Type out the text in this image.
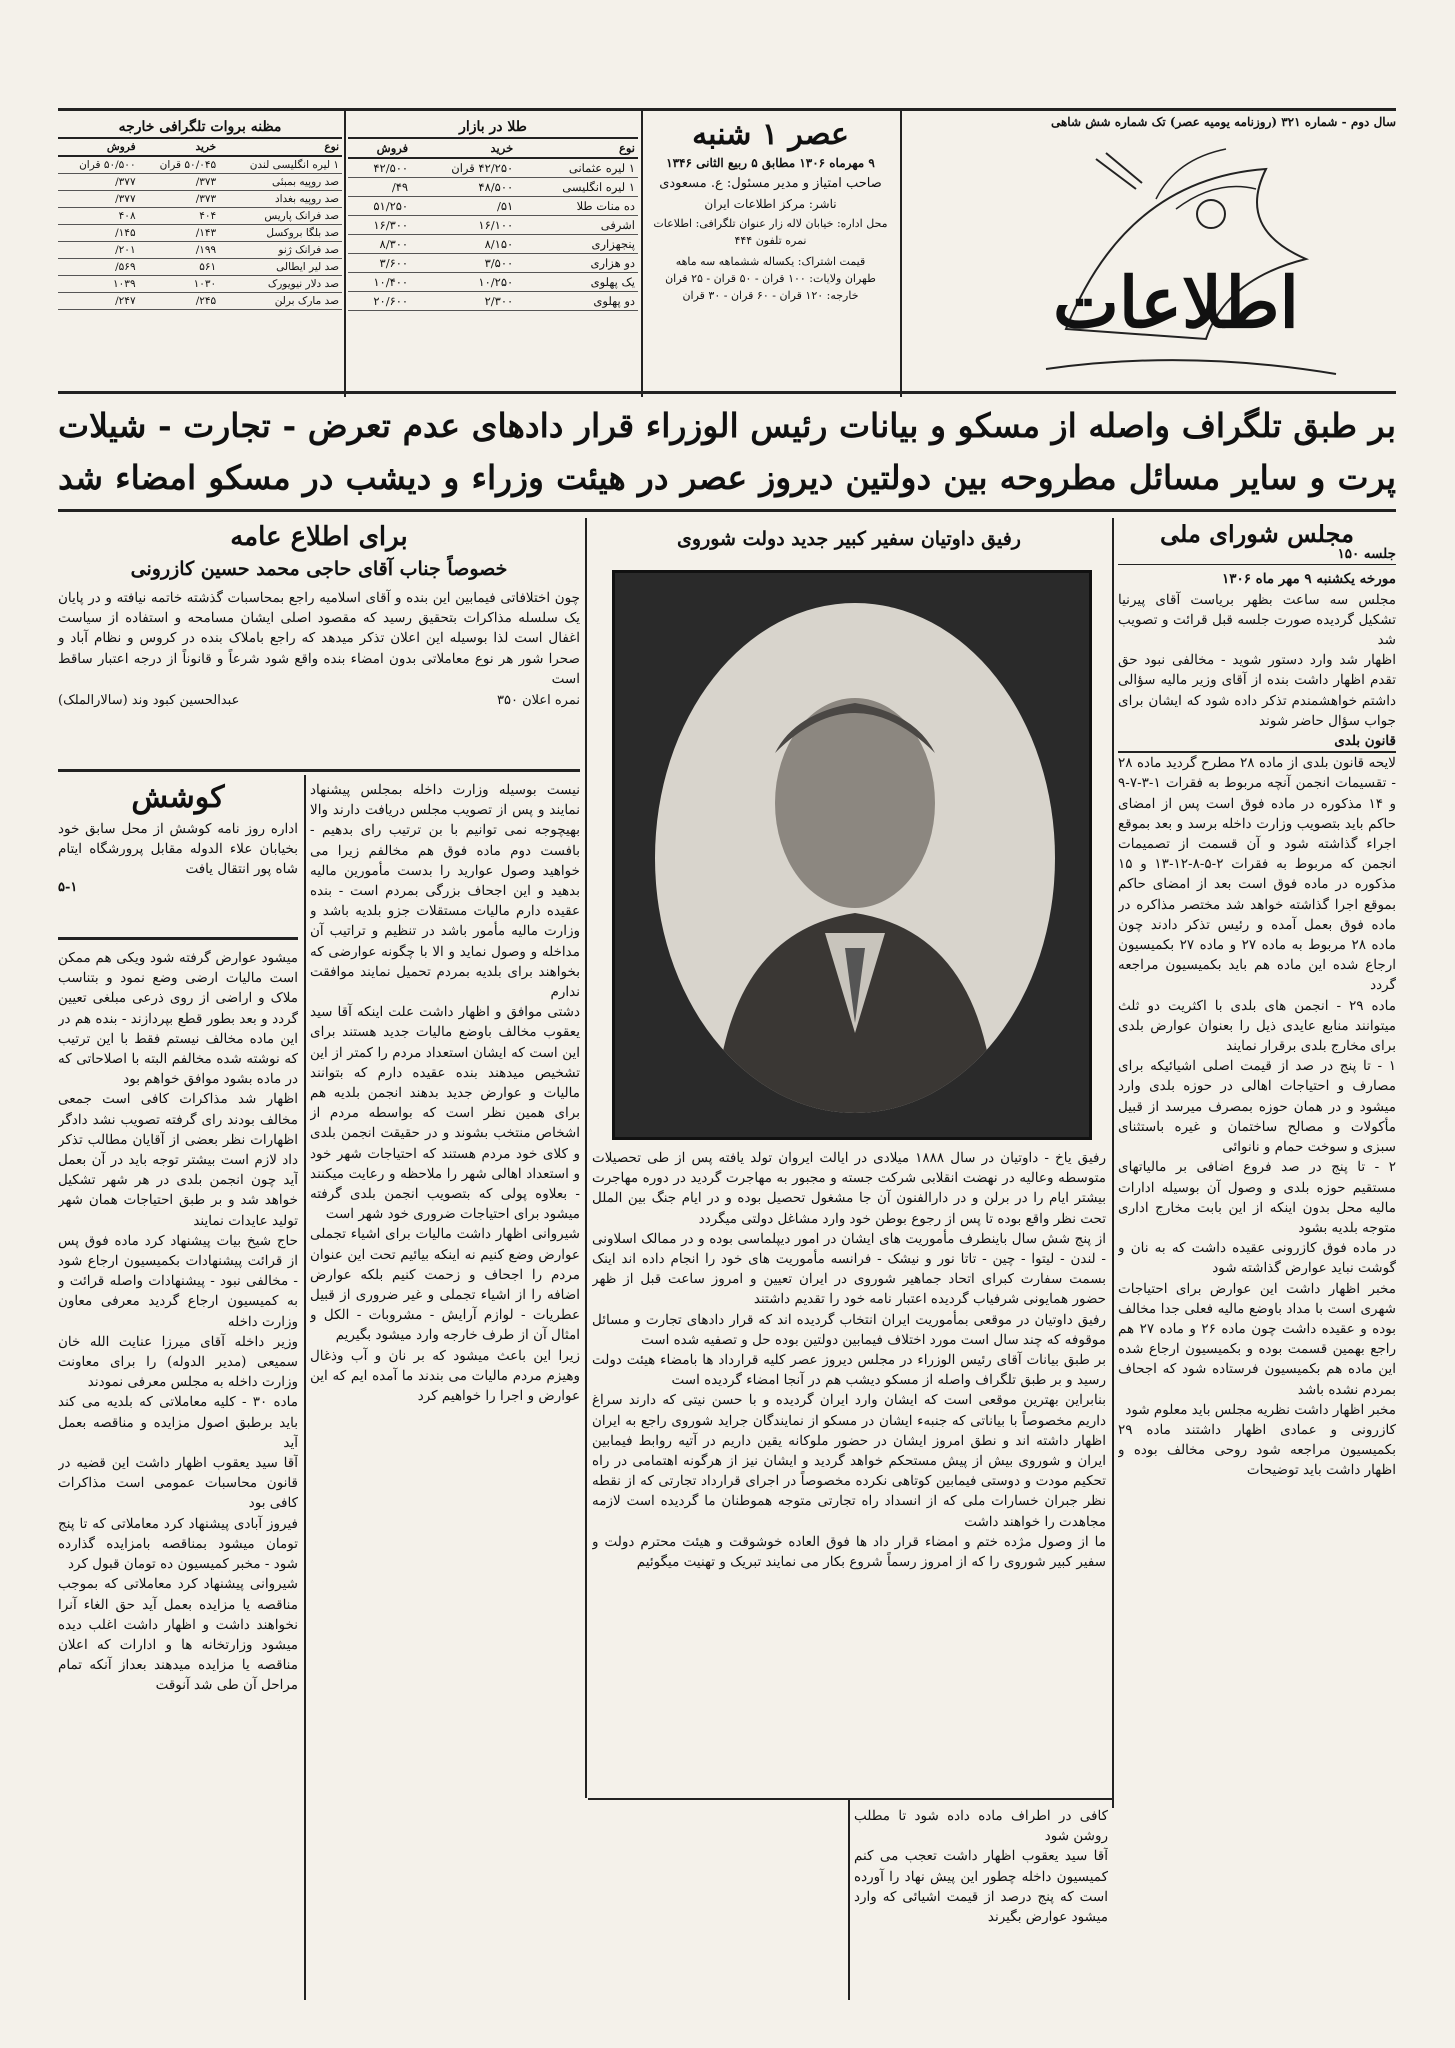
سال دوم - شماره ۳۲۱ (روزنامه یومیه عصر) تک شماره شش شاهی
اطلاعات
عصر ۱ شنبه
۹ مهرماه ۱۳۰۶ مطابق ۵ ربیع الثانی ۱۳۴۶
صاحب امتیاز و مدیر مسئول: ع. مسعودی
ناشر: مرکز اطلاعات ایران
محل اداره: خیابان لاله زار عنوان تلگرافی: اطلاعات
نمره تلفون ۴۴۴
قیمت اشتراک: یکساله ششماهه سه ماهه
طهران ولایات: ۱۰۰ قران - ۵۰ قران - ۲۵ قران
خارجه: ۱۲۰ قران - ۶۰ قران - ۳۰ قران
طلا در بازار
نوع	خرید	فروش
۱ لیره عثمانی	۴۲/۲۵۰ قران	۴۲/۵۰۰
۱ لیره انگلیسی	۴۸/۵۰۰	۴۹/
ده منات طلا	۵۱/	۵۱/۲۵۰
اشرفی	۱۶/۱۰۰	۱۶/۳۰۰
پنجهزاری	۸/۱۵۰	۸/۳۰۰
دو هزاری	۳/۵۰۰	۳/۶۰۰
یک پهلوی	۱۰/۲۵۰	۱۰/۴۰۰
دو پهلوی	۲/۳۰۰	۲۰/۶۰۰
مظنه بروات تلگرافی خارجه
نوع	خرید	فروش
۱ لیره انگلیسی لندن	۵۰/۰۴۵ قران	۵۰/۵۰۰ قران
صد روپیه بمبئی	۳۷۳/	۳۷۷/
صد روپیه بغداد	۳۷۳/	۳۷۷/
صد فرانک پاریس	۴۰۴	۴۰۸
صد بلگا بروکسل	۱۴۳/	۱۴۵/
صد فرانک ژنو	۱۹۹/	۲۰۱/
صد لیر ایطالی	۵۶۱	۵۶۹/
صد دلار نیویورک	۱۰۳۰	۱۰۳۹
صد مارک برلن	۲۴۵/	۲۴۷/
بر طبق تلگراف واصله از مسکو و بیانات رئیس الوزراء قرار دادهای عدم تعرض - تجارت - شیلات
پرت و سایر مسائل مطروحه بین دولتین دیروز عصر در هیئت وزراء و دیشب در مسکو امضاء شد
مجلس شورای ملی
جلسه ۱۵۰

مورخه یکشنبه ۹ مهر ماه ۱۳۰۶

مجلس سه ساعت بظهر بریاست آقای پیرنیا تشکیل گردیده صورت جلسه قبل قرائت و تصویب شد

اظهار شد وارد دستور شوید - مخالفی نبود حق تقدم اظهار داشت بنده از آقای وزیر مالیه سؤالی داشتم خواهشمندم تذکر داده شود که ایشان برای جواب سؤال حاضر شوند

قانون بلدی

لایحه قانون بلدی از ماده ۲۸ مطرح گردید ماده ۲۸ - تقسیمات انجمن آنچه مربوط به فقرات ۱-۳-۷-۹ و ۱۴ مذکوره در ماده فوق است پس از امضای حاکم باید بتصویب وزارت داخله برسد و بعد بموقع اجراء گذاشته شود و آن قسمت از تصمیمات انجمن که مربوط به فقرات ۲-۵-۸-۱۲-۱۳ و ۱۵ مذکوره در ماده فوق است بعد از امضای حاکم بموقع اجرا گذاشته خواهد شد مختصر مذاکره در ماده فوق بعمل آمده و رئیس تذکر دادند چون ماده ۲۸ مربوط به ماده ۲۷ و ماده ۲۷ بکمیسیون ارجاع شده این ماده هم باید بکمیسیون مراجعه گردد

ماده ۲۹ - انجمن های بلدی با اکثریت دو ثلث میتوانند منابع عایدی ذیل را بعنوان عوارض بلدی برای مخارج بلدی برقرار نمایند

۱ - تا پنج در صد از قیمت اصلی اشیائیکه برای مصارف و احتیاجات اهالی در حوزه بلدی وارد میشود و در همان حوزه بمصرف میرسد از قبیل مأکولات و مصالح ساختمان و غیره باستثنای سبزی و سوخت حمام و نانوائی

۲ - تا پنج در صد فروع اضافی بر مالیاتهای مستقیم حوزه بلدی و وصول آن بوسیله ادارات مالیه محل بدون اینکه از این بابت مخارج اداری متوجه بلدیه بشود

در ماده فوق کازرونی عقیده داشت که به نان و گوشت نباید عوارض گذاشته شود

مخبر اظهار داشت این عوارض برای احتیاجات شهری است با مداد باوضع مالیه فعلی جدا مخالف بوده و عقیده داشت چون ماده ۲۶ و ماده ۲۷ هم راجع بهمین قسمت بوده و بکمیسیون ارجاع شده این ماده هم بکمیسیون فرستاده شود که اجحاف بمردم نشده باشد

مخبر اظهار داشت نظریه مجلس باید معلوم شود

کازرونی و عمادی اظهار داشتند ماده ۲۹ بکمیسیون مراجعه شود روحی مخالف بوده و اظهار داشت باید توضیحات

رفیق داوتیان سفیر کبیر جدید دولت شوروی

رفیق یاخ - داوتیان در سال ۱۸۸۸ میلادی در ایالت ایروان تولد یافته پس از طی تحصیلات متوسطه وعالیه در نهضت انقلابی شرکت جسته و مجبور به مهاجرت گردید در دوره مهاجرت بیشتر ایام را در برلن و در دارالفنون آن جا مشغول تحصیل بوده و در ایام جنگ بین الملل تحت نظر واقع بوده تا پس از رجوع بوطن خود وارد مشاغل دولتی میگردد

از پنج شش سال باینطرف مأموریت های ایشان در امور دیپلماسی بوده و در ممالک اسلاونی - لندن - لیتوا - چین - تاتا نور و نیشک - فرانسه مأموریت های خود را انجام داده اند اینک بسمت سفارت کبرای اتحاد جماهیر شوروی در ایران تعیین و امروز ساعت قبل از ظهر حضور همایونی شرفیاب گردیده اعتبار نامه خود را تقدیم داشتند

رفیق داوتیان در موقعی بمأموریت ایران انتخاب گردیده اند که قرار دادهای تجارت و مسائل موقوفه که چند سال است مورد اختلاف فیمابین دولتین بوده حل و تصفیه شده است

بر طبق بیانات آقای رئیس الوزراء در مجلس دیروز عصر کلیه قرارداد ها بامضاء هیئت دولت رسید و بر طبق تلگراف واصله از مسکو دیشب هم در آنجا امضاء گردیده است

بنابراین بهترین موقعی است که ایشان وارد ایران گردیده و با حسن نیتی که دارند سراغ داریم مخصوصاً با بیاناتی که جنبهء ایشان در مسکو از نمایندگان جراید شوروی راجع به ایران اظهار داشته اند و نطق امروز ایشان در حضور ملوکانه یقین داریم در آتیه روابط فیمابین ایران و شوروی بیش از پیش مستحکم خواهد گردید و ایشان نیز از هرگونه اهتمامی در راه تحکیم مودت و دوستی فیمابین کوتاهی نکرده مخصوصاً در اجرای قرارداد تجارتی که از نقطه نظر جبران خسارات ملی که از انسداد راه تجارتی متوجه هموطنان ما گردیده است لازمه مجاهدت را خواهند داشت

ما از وصول مژده ختم و امضاء قرار داد ها فوق العاده خوشوقت و هیئت محترم دولت و سفیر کبیر شوروی را که از امروز رسماً شروع بکار می نمایند تبریک و تهنیت میگوئیم

کافی در اطراف ماده داده شود تا مطلب روشن شود

آقا سید یعقوب اظهار داشت تعجب می کنم کمیسیون داخله چطور این پیش نهاد را آورده است که پنج درصد از قیمت اشیائی که وارد میشود عوارض بگیرند

برای اطلاع عامه
خصوصاً جناب آقای حاجی محمد حسین کازرونی
چون اختلافاتی فیمابین این بنده و آقای اسلامیه راجع بمحاسبات گذشته خاتمه نیافته و در پایان یک سلسله مذاکرات بتحقیق رسید که مقصود اصلی ایشان مسامحه و استفاده از سیاست اغفال است لذا بوسیله این اعلان تذکر میدهد که راجع باملاک بنده در کروس و نظام آباد و صحرا شور هر نوع معاملاتی بدون امضاء بنده واقع شود شرعاً و قانوناً از درجه اعتبار ساقط است
نمره اعلان ۳۵۰
عبدالحسین کبود وند (سالارالملک)

نیست بوسیله وزارت داخله بمجلس پیشنهاد نمایند و پس از تصویب مجلس دریافت دارند والا بهیچوجه نمی توانیم با بن ترتیب رای بدهیم - بافست دوم ماده فوق هم مخالفم زیرا می خواهید وصول عوارید را بدست مأمورین مالیه بدهید و این اجحاف بزرگی بمردم است - بنده عقیده دارم مالیات مستقلات جزو بلدیه باشد و وزارت مالیه مأمور باشد در تنظیم و تراتیب آن مداخله و وصول نماید و الا با چگونه عوارضی که بخواهند برای بلدیه بمردم تحمیل نمایند موافقت ندارم

دشتی موافق و اظهار داشت علت اینکه آقا سید یعقوب مخالف باوضع مالیات جدید هستند برای این است که ایشان استعداد مردم را کمتر از این تشخیص میدهند بنده عقیده دارم که بتوانند مالیات و عوارض جدید بدهند انجمن بلدیه هم برای همین نظر است که بواسطه مردم از اشخاص منتخب بشوند و در حقیقت انجمن بلدی و کلای خود مردم هستند که احتیاجات شهر خود و استعداد اهالی شهر را ملاحظه و رعایت میکنند - بعلاوه پولی که بتصویب انجمن بلدی گرفته میشود برای احتیاجات ضروری خود شهر است

شیروانی اظهار داشت مالیات برای اشیاء تجملی عوارض وضع کنیم نه اینکه بیائیم تحت این عنوان مردم را اجحاف و زحمت کنیم بلکه عوارض اضافه را از اشیاء تجملی و غیر ضروری از قبیل عطریات - لوازم آرایش - مشروبات - الکل و امثال آن از طرف خارجه وارد میشود بگیریم

زیرا این باعث میشود که بر نان و آب وذغال وهیزم مردم مالیات می بندند ما آمده ایم که این عوارض و اجرا را خواهیم کرد

کوشش
اداره روز نامه کوشش از محل سابق خود بخیابان علاء الدوله مقابل پرورشگاه ایتام شاه پور انتقال یافت
۵-۱

میشود عوارض گرفته شود ویکی هم ممکن است مالیات ارضی وضع نمود و بتناسب ملاک و اراضی از روی ذرعی مبلغی تعیین گردد و بعد بطور قطع بپردازند - بنده هم در این ماده مخالف نیستم فقط با این ترتیب که نوشته شده مخالفم البته با اصلاحاتی که در ماده بشود موافق خواهم بود

اظهار شد مذاکرات کافی است جمعی مخالف بودند رای گرفته تصویب نشد دادگر اظهارات نظر بعضی از آقایان مطالب تذکر داد لازم است بیشتر توجه باید در آن بعمل آید چون انجمن بلدی در هر شهر تشکیل خواهد شد و بر طبق احتیاجات همان شهر تولید عایدات نمایند

حاج شیخ بیات پیشنهاد کرد ماده فوق پس از قرائت پیشنهادات بکمیسیون ارجاع شود - مخالفی نبود - پیشنهادات واصله قرائت و به کمیسیون ارجاع گردید معرفی معاون وزارت داخله

وزیر داخله آقای میرزا عنایت الله خان سمیعی (مدیر الدوله) را برای معاونت وزارت داخله به مجلس معرفی نمودند

ماده ۳۰ - کلیه معاملاتی که بلدیه می کند باید برطبق اصول مزایده و مناقصه بعمل آید

آقا سید یعقوب اظهار داشت این قضیه در قانون محاسبات عمومی است مذاکرات کافی بود

فیروز آبادی پیشنهاد کرد معاملاتی که تا پنج تومان میشود بمناقصه بامزایده گذارده شود - مخبر کمیسیون ده تومان قبول کرد

شیروانی پیشنهاد کرد معاملاتی که بموجب مناقصه یا مزایده بعمل آید حق الغاء آنرا نخواهند داشت و اظهار داشت اغلب دیده میشود وزارتخانه ها و ادارات که اعلان مناقصه یا مزایده میدهند بعداز آنکه تمام مراحل آن طی شد آنوقت
